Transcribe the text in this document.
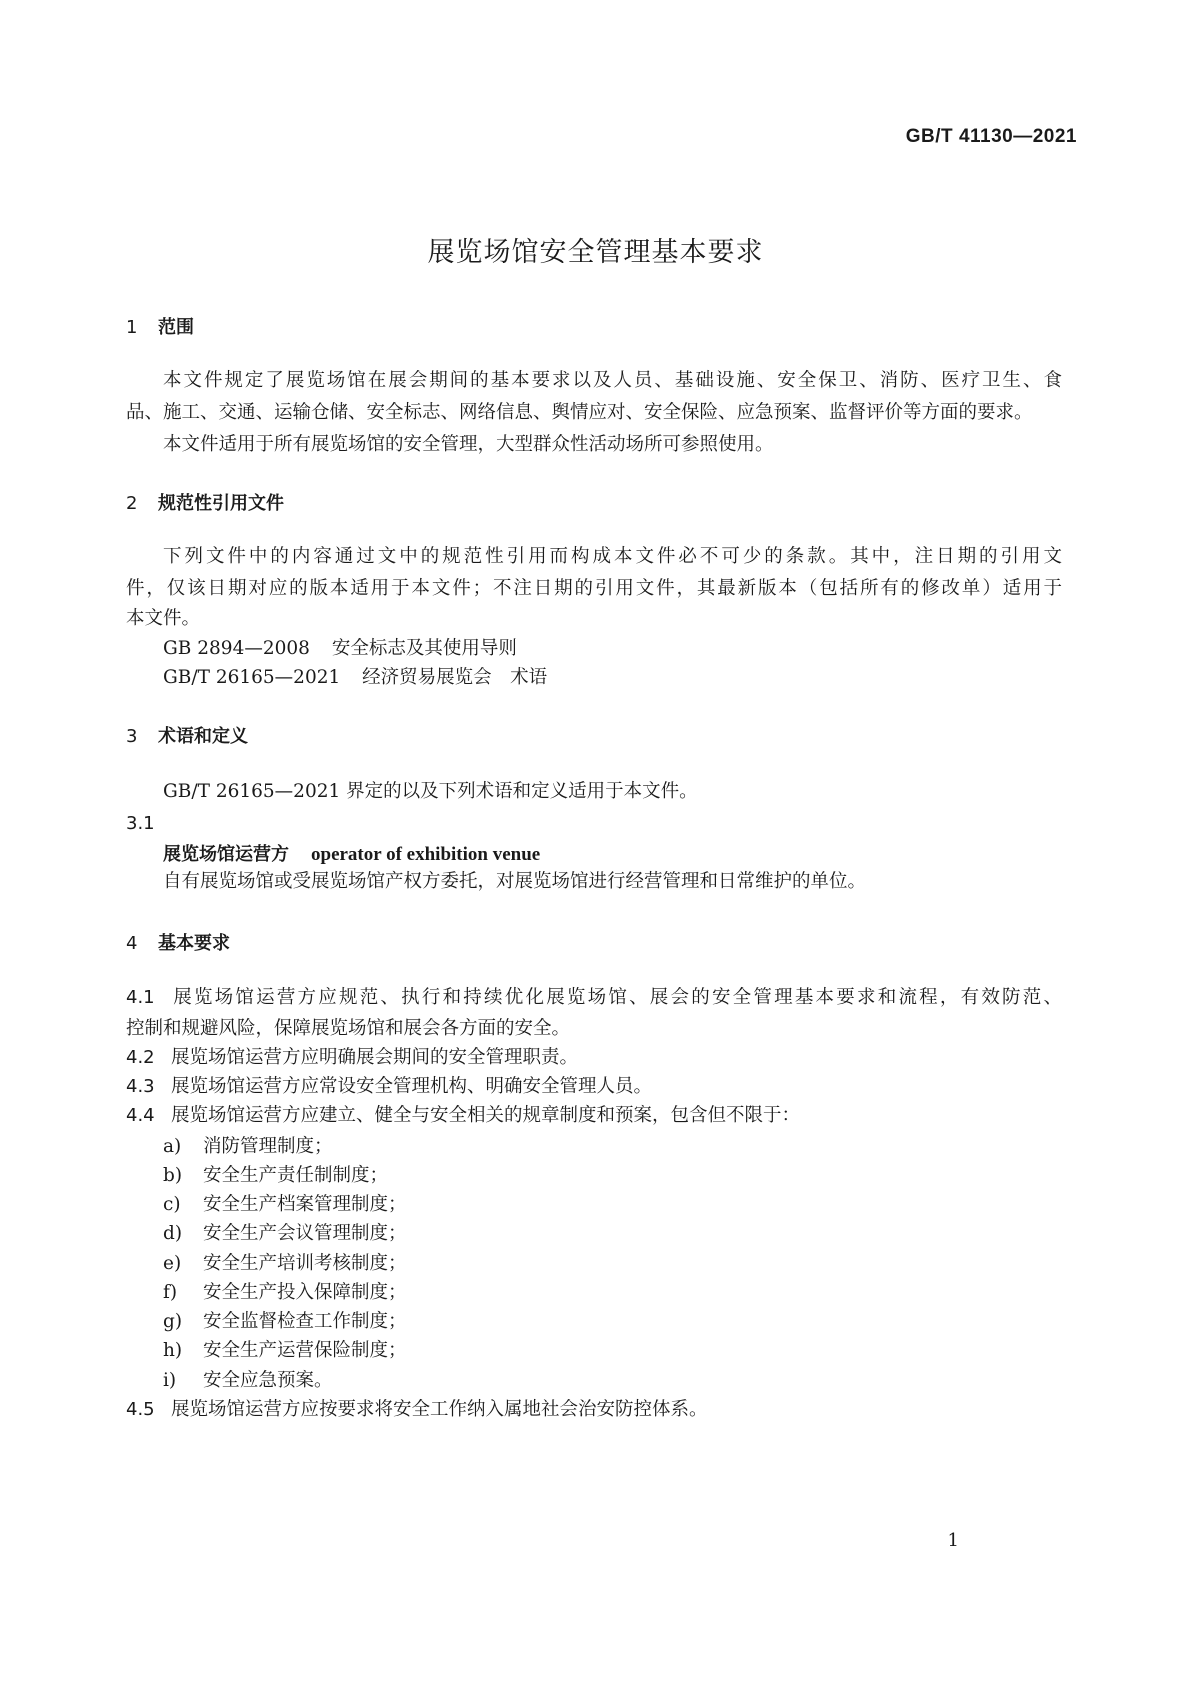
GB/T 41130—2021
展览场馆安全管理基本要求
1 范围
本文件规定了展览场馆在展会期间的基本要求以及人员、基础设施、安全保卫、消防、医疗卫生、食
品、施工、交通、运输仓储、安全标志、网络信息、舆情应对、安全保险、应急预案、监督评价等方面的要求。
本文件适用于所有展览场馆的安全管理，大型群众性活动场所可参照使用。
2 规范性引用文件
下列文件中的内容通过文中的规范性引用而构成本文件必不可少的条款。其中，注日期的引用文
件，仅该日期对应的版本适用于本文件；不注日期的引用文件，其最新版本（包括所有的修改单）适用于
本文件。
GB 2894—2008 安全标志及其使用导则
GB/T 26165—2021 经济贸易展览会　术语
3 术语和定义
GB/T 26165—2021 界定的以及下列术语和定义适用于本文件。
3.1
展览场馆运营方 operator of exhibition venue
自有展览场馆或受展览场馆产权方委托，对展览场馆进行经营管理和日常维护的单位。
4 基本要求
4.1 展览场馆运营方应规范、执行和持续优化展览场馆、展会的安全管理基本要求和流程，有效防范、
控制和规避风险，保障展览场馆和展会各方面的安全。
4.2 展览场馆运营方应明确展会期间的安全管理职责。
4.3 展览场馆运营方应常设安全管理机构、明确安全管理人员。
4.4 展览场馆运营方应建立、健全与安全相关的规章制度和预案，包含但不限于：
a) 消防管理制度；
b) 安全生产责任制制度；
c) 安全生产档案管理制度；
d) 安全生产会议管理制度；
e) 安全生产培训考核制度；
f) 安全生产投入保障制度；
g) 安全监督检查工作制度；
h) 安全生产运营保险制度；
i) 安全应急预案。
4.5 展览场馆运营方应按要求将安全工作纳入属地社会治安防控体系。
1
